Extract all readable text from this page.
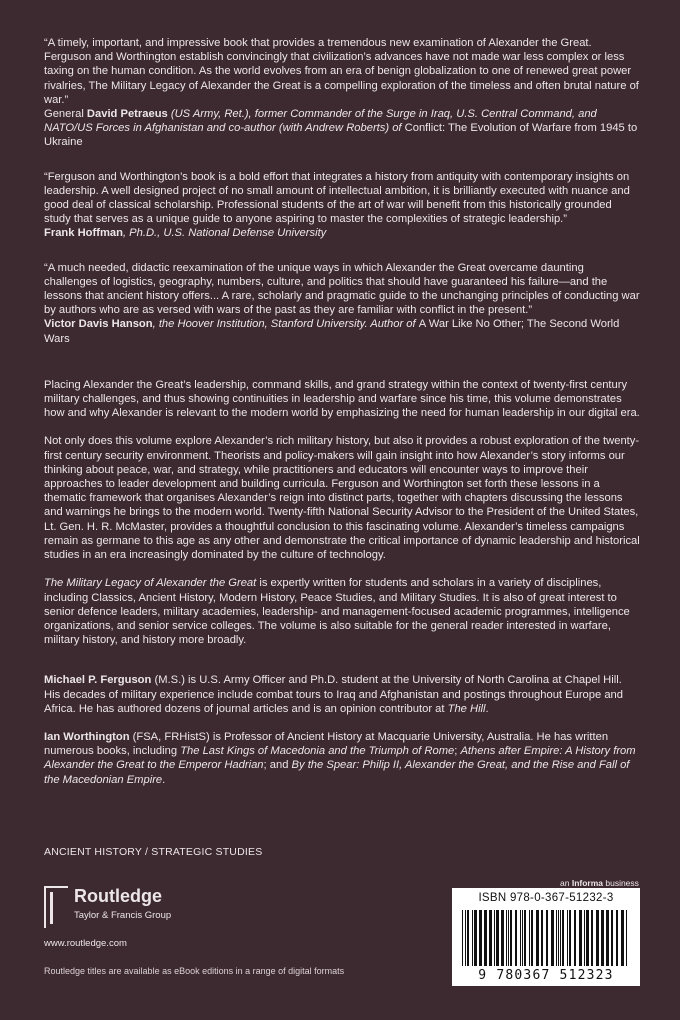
“A timely, important, and impressive book that provides a tremendous new examination of Alexander the Great. Ferguson and Worthington establish convincingly that civilization’s advances have not made war less complex or less taxing on the human condition. As the world evolves from an era of benign globalization to one of renewed great power rivalries, The Military Legacy of Alexander the Great is a compelling exploration of the timeless and often brutal nature of war.”

General David Petraeus (US Army, Ret.), former Commander of the Surge in Iraq, U.S. Central Command, and NATO/US Forces in Afghanistan and co-author (with Andrew Roberts) of Conflict: The Evolution of Warfare from 1945 to Ukraine

“Ferguson and Worthington’s book is a bold effort that integrates a history from antiquity with contemporary insights on leadership. A well designed project of no small amount of intellectual ambition, it is brilliantly executed with nuance and good deal of classical scholarship. Professional students of the art of war will benefit from this historically grounded study that serves as a unique guide to anyone aspiring to master the complexities of strategic leadership.”

Frank Hoffman, Ph.D., U.S. National Defense University

“A much needed, didactic reexamination of the unique ways in which Alexander the Great overcame daunting challenges of logistics, geography, numbers, culture, and politics that should have guaranteed his failure—and the lessons that ancient history offers... A rare, scholarly and pragmatic guide to the unchanging principles of conducting war by authors who are as versed with wars of the past as they are familiar with conflict in the present.”

Victor Davis Hanson, the Hoover Institution, Stanford University. Author of A War Like No Other; The Second World Wars

Placing Alexander the Great’s leadership, command skills, and grand strategy within the context of twenty-first century military challenges, and thus showing continuities in leadership and warfare since his time, this volume demonstrates how and why Alexander is relevant to the modern world by emphasizing the need for human leadership in our digital era.

Not only does this volume explore Alexander’s rich military history, but also it provides a robust exploration of the twenty-first century security environment. Theorists and policy-makers will gain insight into how Alexander’s story informs our thinking about peace, war, and strategy, while practitioners and educators will encounter ways to improve their approaches to leader development and building curricula. Ferguson and Worthington set forth these lessons in a thematic framework that organises Alexander’s reign into distinct parts, together with chapters discussing the lessons and warnings he brings to the modern world. Twenty-fifth National Security Advisor to the President of the United States, Lt. Gen. H. R. McMaster, provides a thoughtful conclusion to this fascinating volume. Alexander’s timeless campaigns remain as germane to this age as any other and demonstrate the critical importance of dynamic leadership and historical studies in an era increasingly dominated by the culture of technology.

The Military Legacy of Alexander the Great is expertly written for students and scholars in a variety of disciplines, including Classics, Ancient History, Modern History, Peace Studies, and Military Studies. It is also of great interest to senior defence leaders, military academies, leadership- and management-focused academic programmes, intelligence organizations, and senior service colleges. The volume is also suitable for the general reader interested in warfare, military history, and history more broadly.

Michael P. Ferguson (M.S.) is U.S. Army Officer and Ph.D. student at the University of North Carolina at Chapel Hill. His decades of military experience include combat tours to Iraq and Afghanistan and postings throughout Europe and Africa. He has authored dozens of journal articles and is an opinion contributor at The Hill.

Ian Worthington (FSA, FRHistS) is Professor of Ancient History at Macquarie University, Australia. He has written numerous books, including The Last Kings of Macedonia and the Triumph of Rome; Athens after Empire: A History from Alexander the Great to the Emperor Hadrian; and By the Spear: Philip II, Alexander the Great, and the Rise and Fall of the Macedonian Empire.

ANCIENT HISTORY / STRATEGIC STUDIES
Routledge
Taylor & Francis Group
www.routledge.com
Routledge titles are available as eBook editions in a range of digital formats
an Informa business
ISBN 978-0-367-51232-3
9 780367 512323
